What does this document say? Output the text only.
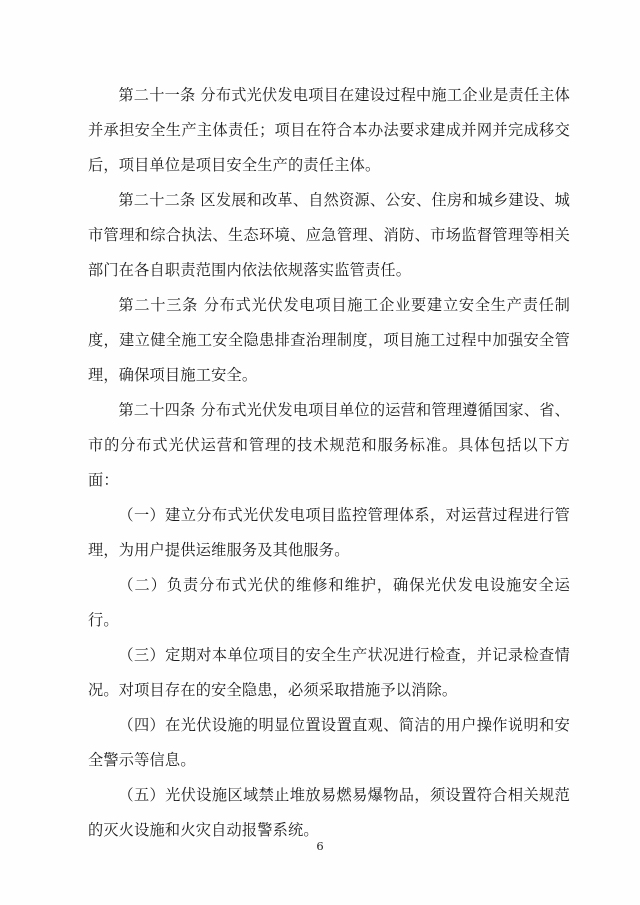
第二十一条 分布式光伏发电项目在建设过程中施工企业是责任主体并承担安全生产主体责任；项目在符合本办法要求建成并网并完成移交后，项目单位是项目安全生产的责任主体。

第二十二条 区发展和改革、自然资源、公安、住房和城乡建设、城市管理和综合执法、生态环境、应急管理、消防、市场监督管理等相关部门在各自职责范围内依法依规落实监管责任。

第二十三条 分布式光伏发电项目施工企业要建立安全生产责任制度，建立健全施工安全隐患排查治理制度，项目施工过程中加强安全管理，确保项目施工安全。

第二十四条 分布式光伏发电项目单位的运营和管理遵循国家、省、市的分布式光伏运营和管理的技术规范和服务标准。具体包括以下方面：

（一）建立分布式光伏发电项目监控管理体系，对运营过程进行管理，为用户提供运维服务及其他服务。

（二）负责分布式光伏的维修和维护，确保光伏发电设施安全运行。

（三）定期对本单位项目的安全生产状况进行检查，并记录检查情况。对项目存在的安全隐患，必须采取措施予以消除。

（四）在光伏设施的明显位置设置直观、简洁的用户操作说明和安全警示等信息。

（五）光伏设施区域禁止堆放易燃易爆物品，须设置符合相关规范的灭火设施和火灾自动报警系统。

6
